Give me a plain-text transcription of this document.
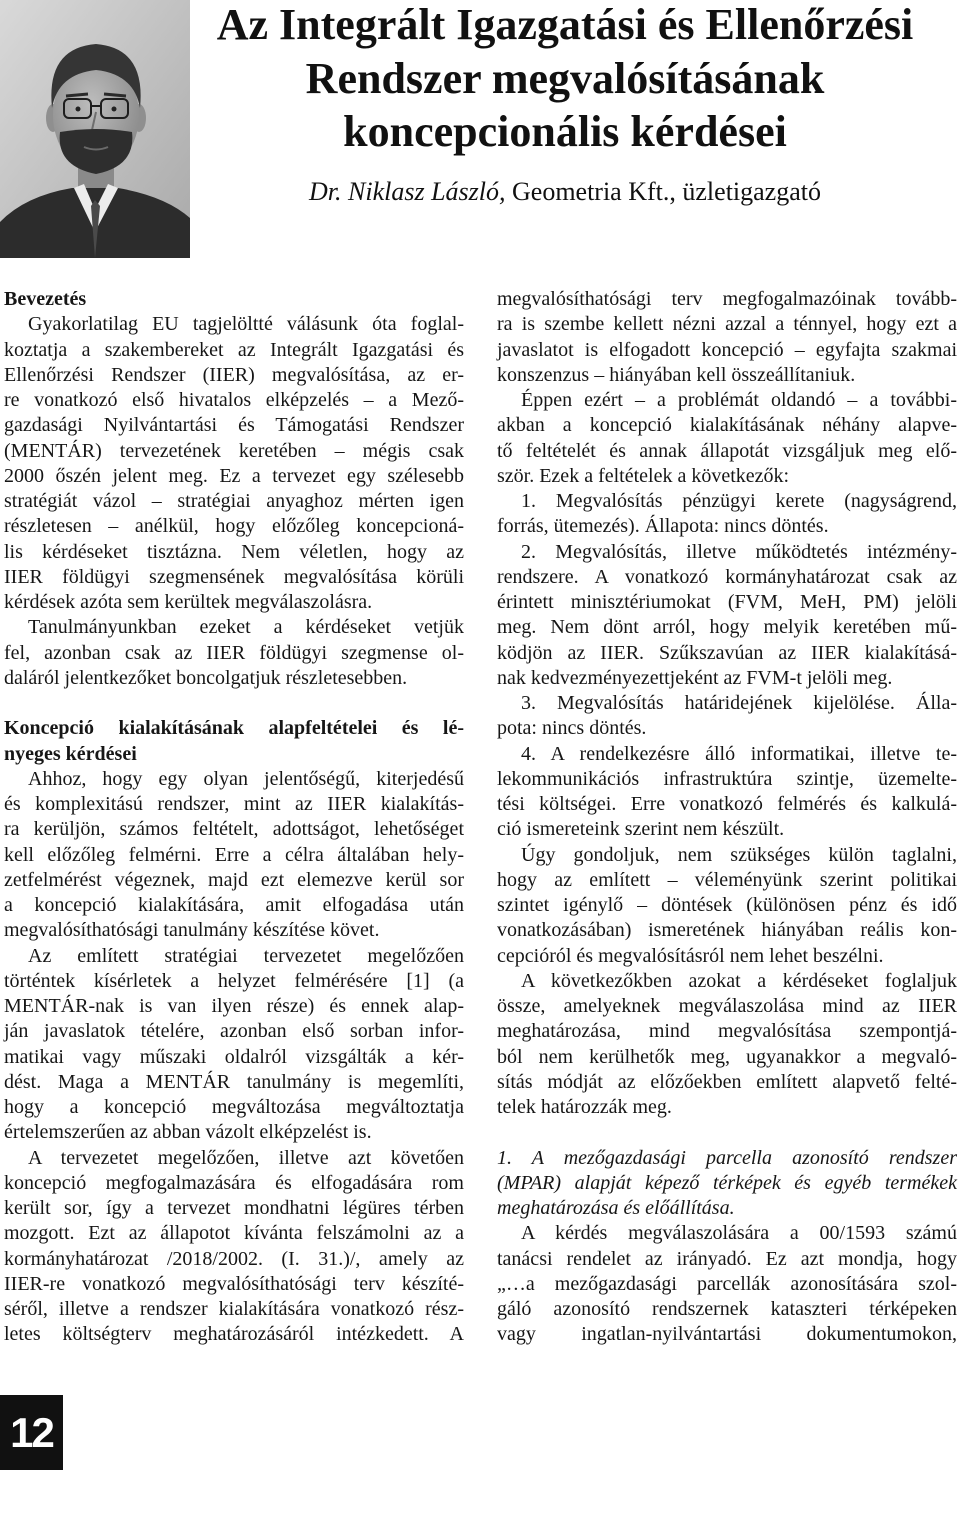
Az Integrált Igazgatási és Ellenőrzési
Rendszer megvalósításának
koncepcionális kérdései
Dr. Niklasz László, Geometria Kft., üzletigazgató
Bevezetés
Gyakorlatilag EU tagjelöltté válásunk óta foglal-
koztatja a szakembereket az Integrált Igazgatási és
Ellenőrzési Rendszer (IIER) megvalósítása, az er-
re vonatkozó első hivatalos elképzelés – a Mező-
gazdasági Nyilvántartási és Támogatási Rendszer
(MENTÁR) tervezetének keretében – mégis csak
2000 őszén jelent meg. Ez a tervezet egy szélesebb
stratégiát vázol – stratégiai anyaghoz mérten igen
részletesen – anélkül, hogy előzőleg koncepcioná-
lis kérdéseket tisztázna. Nem véletlen, hogy az
IIER földügyi szegmensének megvalósítása körüli
kérdések azóta sem kerültek megválaszolásra.
Tanulmányunkban ezeket a kérdéseket vetjük
fel, azonban csak az IIER földügyi szegmense ol-
daláról jelentkezőket boncolgatjuk részletesebben.
Koncepció kialakításának alapfeltételei és lé-
nyeges kérdései
Ahhoz, hogy egy olyan jelentőségű, kiterjedésű
és komplexitású rendszer, mint az IIER kialakítás-
ra kerüljön, számos feltételt, adottságot, lehetőséget
kell előzőleg felmérni. Erre a célra általában hely-
zetfelmérést végeznek, majd ezt elemezve kerül sor
a koncepció kialakítására, amit elfogadása után
megvalósíthatósági tanulmány készítése követ.
Az említett stratégiai tervezetet megelőzően
történtek kísérletek a helyzet felmérésére [1] (a
MENTÁR-nak is van ilyen része) és ennek alap-
ján javaslatok tételére, azonban első sorban infor-
matikai vagy műszaki oldalról vizsgálták a kér-
dést. Maga a MENTÁR tanulmány is megemlíti,
hogy a koncepció megváltozása megváltoztatja
értelemszerűen az abban vázolt elképzelést is.
A tervezetet megelőzően, illetve azt követően
koncepció megfogalmazására és elfogadására rom
került sor, így a tervezet mondhatni légüres térben
mozgott. Ezt az állapotot kívánta felszámolni az a
kormányhatározat /2018/2002. (I. 31.)/, amely az
IIER-re vonatkozó megvalósíthatósági terv készíté-
séről, illetve a rendszer kialakítására vonatkozó rész-
letes költségterv meghatározásáról intézkedett. A
megvalósíthatósági terv megfogalmazóinak tovább-
ra is szembe kellett nézni azzal a ténnyel, hogy ezt a
javaslatot is elfogadott koncepció – egyfajta szakmai
konszenzus – hiányában kell összeállítaniuk.
Éppen ezért – a problémát oldandó – a további-
akban a koncepció kialakításának néhány alapve-
tő feltételét és annak állapotát vizsgáljuk meg elő-
ször. Ezek a feltételek a következők:
1. Megvalósítás pénzügyi kerete (nagyságrend,
forrás, ütemezés). Állapota: nincs döntés.
2. Megvalósítás, illetve működtetés intézmény-
rendszere. A vonatkozó kormányhatározat csak az
érintett minisztériumokat (FVM, MeH, PM) jelöli
meg. Nem dönt arról, hogy melyik keretében mű-
ködjön az IIER. Szűkszavúan az IIER kialakításá-
nak kedvezményezettjeként az FVM-t jelöli meg.
3. Megvalósítás határidejének kijelölése. Álla-
pota: nincs döntés.
4. A rendelkezésre álló informatikai, illetve te-
lekommunikációs infrastruktúra szintje, üzemelte-
tési költségei. Erre vonatkozó felmérés és kalkulá-
ció ismereteink szerint nem készült.
Úgy gondoljuk, nem szükséges külön taglalni,
hogy az említett – véleményünk szerint politikai
szintet igénylő – döntések (különösen pénz és idő
vonatkozásában) ismeretének hiányában reális kon-
cepcióról és megvalósításról nem lehet beszélni.
A következőkben azokat a kérdéseket foglaljuk
össze, amelyeknek megválaszolása mind az IIER
meghatározása, mind megvalósítása szempontjá-
ból nem kerülhetők meg, ugyanakkor a megvaló-
sítás módját az előzőekben említett alapvető felté-
telek határozzák meg.
1. A mezőgazdasági parcella azonosító rendszer
(MPAR) alapját képező térképek és egyéb termékek
meghatározása és előállítása.
A kérdés megválaszolására a 00/1593 számú
tanácsi rendelet az irányadó. Ez azt mondja, hogy
„…a mezőgazdasági parcellák azonosítására szol-
gáló azonosító rendszernek kataszteri térképeken
vagy ingatlan-nyilvántartási dokumentumokon,
12
